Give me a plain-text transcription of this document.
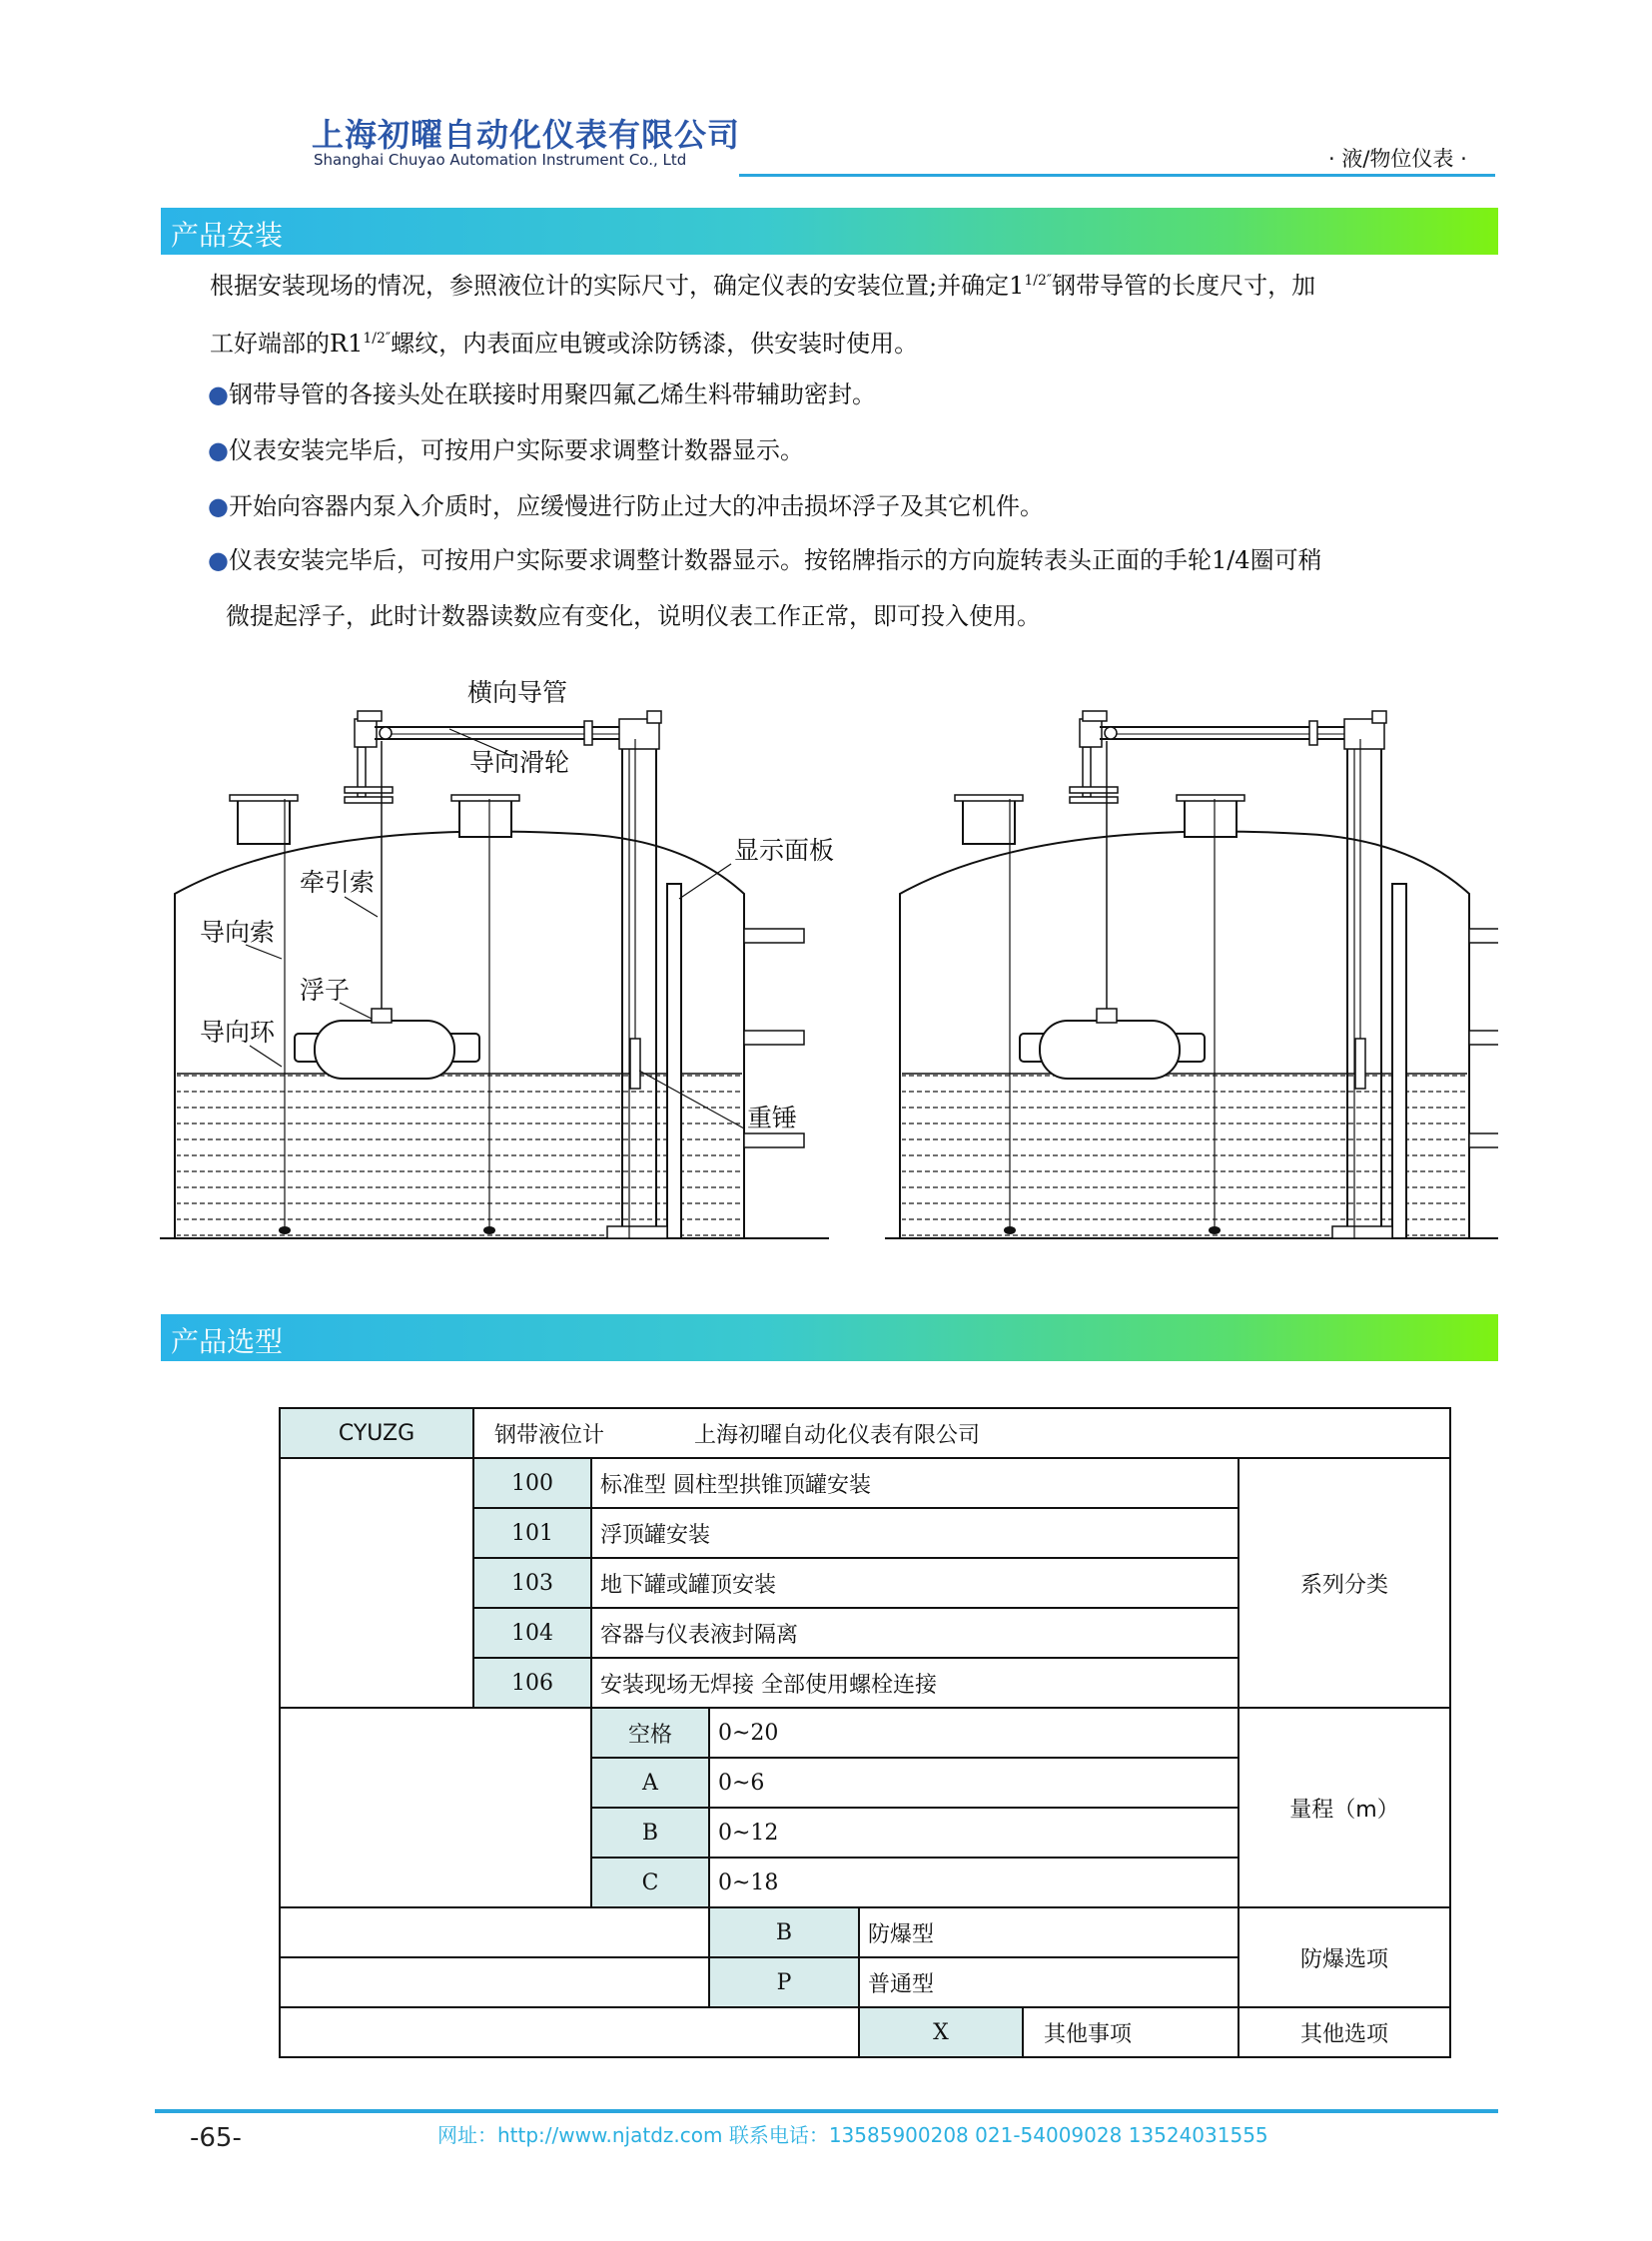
上海初曜自动化仪表有限公司
Shanghai Chuyao Automation Instrument Co., Ltd	· 液/物位仪表 ·
产品安装
根据安装现场的情况，参照液位计的实际尺寸，确定仪表的安装位置;并确定$1^{1/2''}$钢带导管的长度尺寸，加
工好端部的$R1^{1/2''}$螺纹，内表面应电镀或涂防锈漆，供安装时使用。
●钢带导管的各接头处在联接时用聚四氟乙烯生料带辅助密封。
●仪表安装完毕后，可按用户实际要求调整计数器显示。
●开始向容器内泵入介质时，应缓慢进行防止过大的冲击损坏浮子及其它机件。
●仪表安装完毕后，可按用户实际要求调整计数器显示。按铭牌指示的方向旋转表头正面的手轮1/4圈可稍
微提起浮子，此时计数器读数应有变化，说明仪表工作正常，即可投入使用。
横向导管
导向滑轮
显示面板
牵引索
导向索
浮子
导向环
重锤
产品选型
CYUZG	钢带液位计 上海初曜自动化仪表有限公司					
	100	标准型 圆柱型拱锥顶罐安装				系列分类
	101	浮顶罐安装				
	103	地下罐或罐顶安装				
	104	容器与仪表液封隔离				
	106	安装现场无焊接 全部使用螺栓连接				
		空格	0~20			量程（m）
		A	0~6			
		B	0~12			
		C	0~18			
			B	防爆型		防爆选项
			P	普通型		
				X	其他事项	其他选项
-65-	网址：http://www.njatdz.com 联系电话：13585900208 021-54009028 13524031555
